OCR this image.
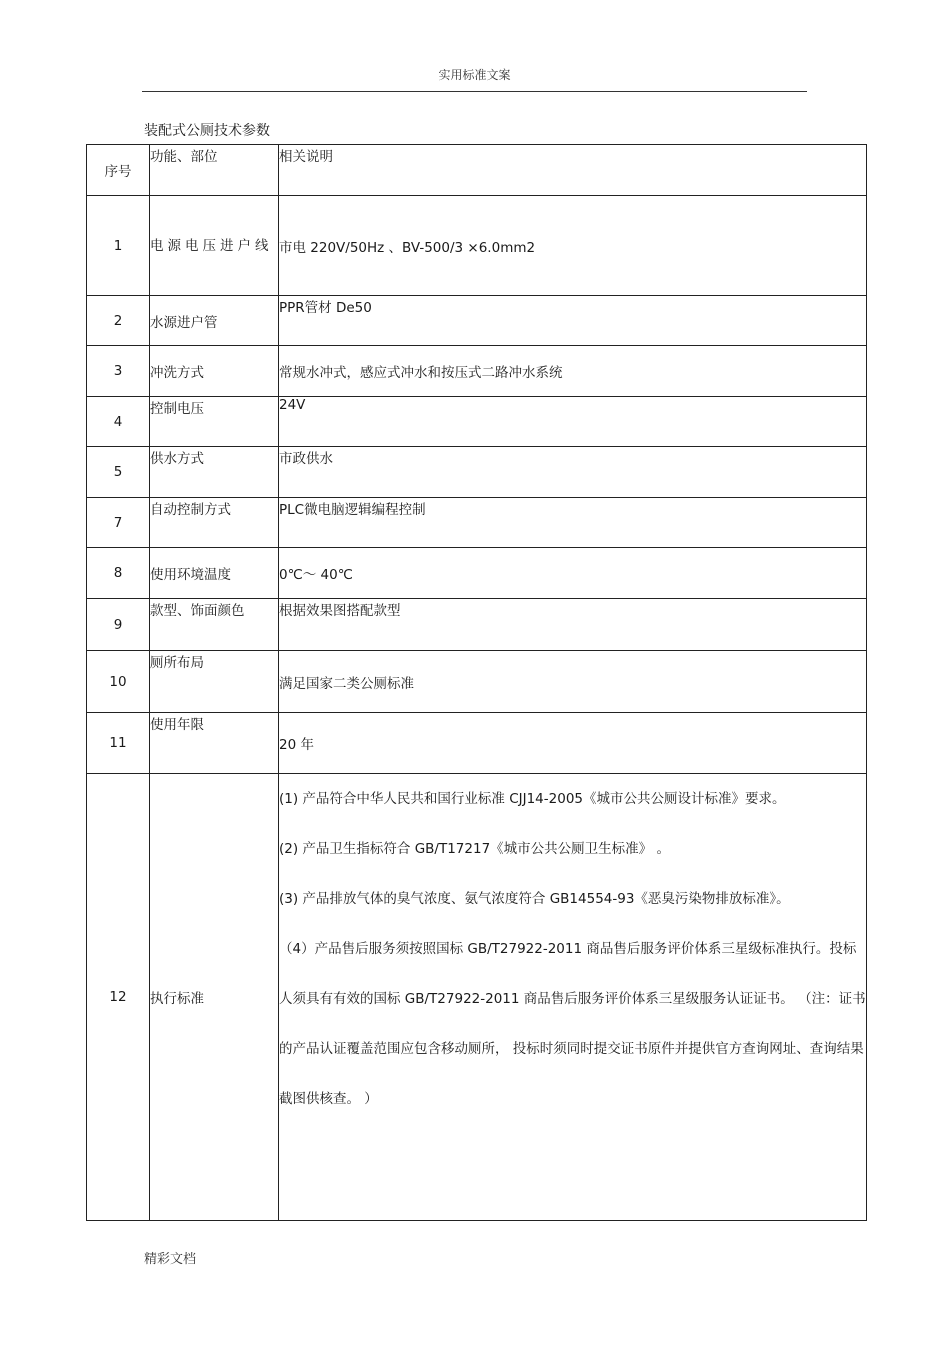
实用标准文案
装配式公厕技术参数
序号	功能、部位	相关说明
1	电源电压进户线	市电 220V/50Hz 、BV-500/3 ×6.0mm2
2	水源进户管	PPR管材 De50
3	冲洗方式	常规水冲式，感应式冲水和按压式二路冲水系统
4	控制电压	24V
5	供水方式	市政供水
7	自动控制方式	PLC微电脑逻辑编程控制
8	使用环境温度	0℃～ 40℃
9	款型、饰面颜色	根据效果图搭配款型
10	厕所布局	满足国家二类公厕标准
11	使用年限	20 年
12	执行标准	(1) 产品符合中华人民共和国行业标准 CJJ14-2005《城市公共公厕设计标准》要求。
(2) 产品卫生指标符合 GB/T17217《城市公共公厕卫生标准》 。
(3) 产品排放气体的臭气浓度、氨气浓度符合 GB14554-93《恶臭污染物排放标准》。
（4）产品售后服务须按照国标 GB/T27922-2011 商品售后服务评价体系三星级标准执行。投标人须具有有效的国标 GB/T27922-2011 商品售后服务评价体系三星级服务认证证书。 （注：证书的产品认证覆盖范围应包含移动厕所， 投标时须同时提交证书原件并提供官方查询网址、查询结果截图供核查。 ）
精彩文档
